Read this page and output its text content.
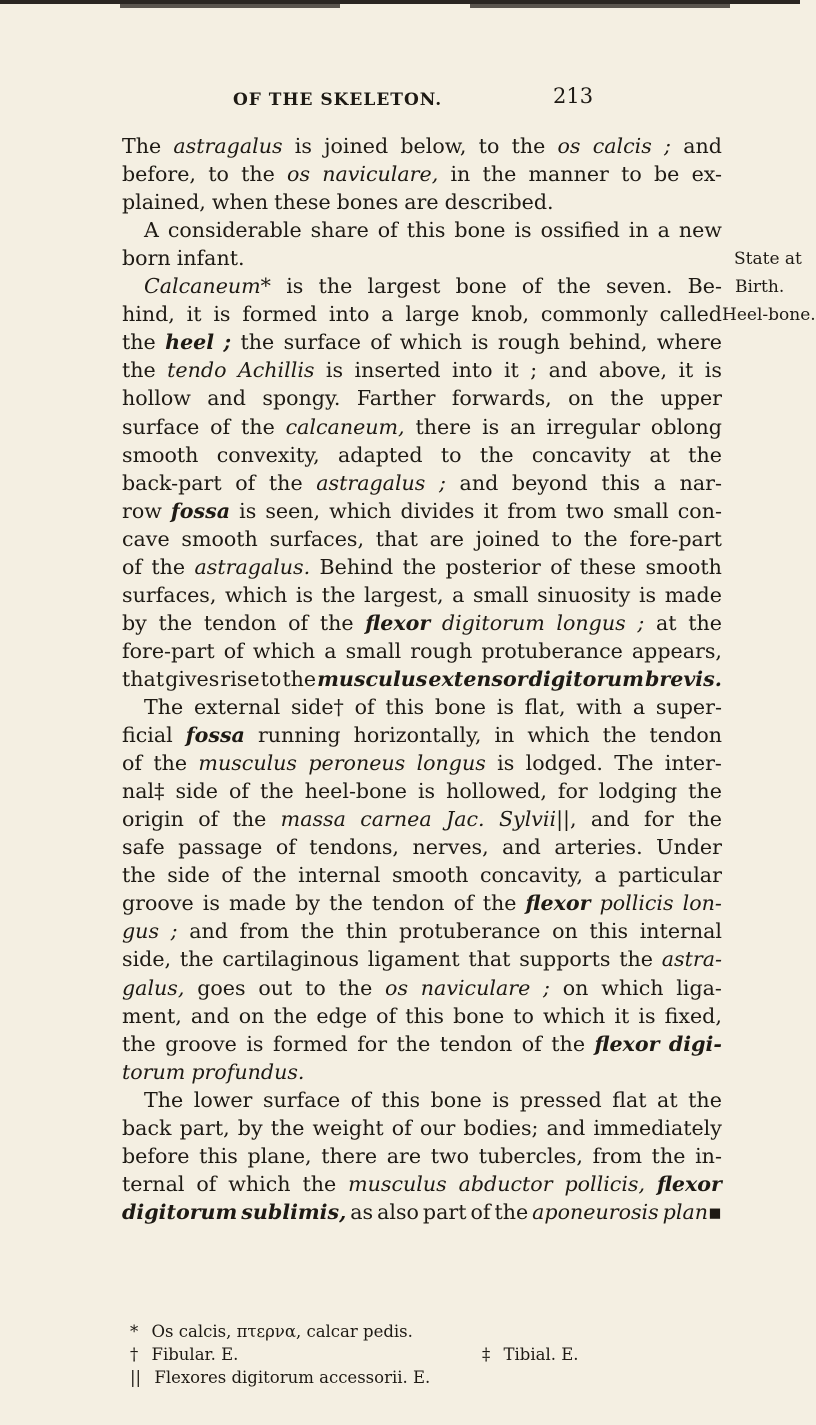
OF THE SKELETON.	213
The astragalus is joined below, to the os calcis ; and
before, to the os naviculare, in the manner to be ex-
plained, when these bones are described.
A considerable share of this bone is ossified in a new
born infant.
Calcaneum* is the largest bone of the seven. Be-
hind, it is formed into a large knob, commonly called
the heel ; the surface of which is rough behind, where
the tendo Achillis is inserted into it ; and above, it is
hollow and spongy. Farther forwards, on the upper
surface of the calcaneum, there is an irregular oblong
smooth convexity, adapted to the concavity at the
back-part of the astragalus ; and beyond this a nar-
row fossa is seen, which divides it from two small con-
cave smooth surfaces, that are joined to the fore-part
of the astragalus. Behind the posterior of these smooth
surfaces, which is the largest, a small sinuosity is made
by the tendon of the flexor digitorum longus ; at the
fore-part of which a small rough protuberance appears,
that gives rise to the musculus extensor digitorum brevis.
The external side† of this bone is flat, with a super-
ficial fossa running horizontally, in which the tendon
of the musculus peroneus longus is lodged. The inter-
nal‡ side of the heel-bone is hollowed, for lodging the
origin of the massa carnea Jac. Sylvii||, and for the
safe passage of tendons, nerves, and arteries. Under
the side of the internal smooth concavity, a particular
groove is made by the tendon of the flexor pollicis lon-
gus ; and from the thin protuberance on this internal
side, the cartilaginous ligament that supports the astra-
galus, goes out to the os naviculare ; on which liga-
ment, and on the edge of this bone to which it is fixed,
the groove is formed for the tendon of the flexor digi-
torum profundus.
The lower surface of this bone is pressed flat at the
back part, by the weight of our bodies; and immediately
before this plane, there are two tubercles, from the in-
ternal of which the musculus abductor pollicis, flexor
digitorum sublimis, as also part of the aponeurosis plan▪
State at
Birth.
Heel-bone.
* Os calcis, πτερνα, calcar pedis.
† Fibular. E.	‡ Tibial. E.
|| Flexores digitorum accessorii. E.
